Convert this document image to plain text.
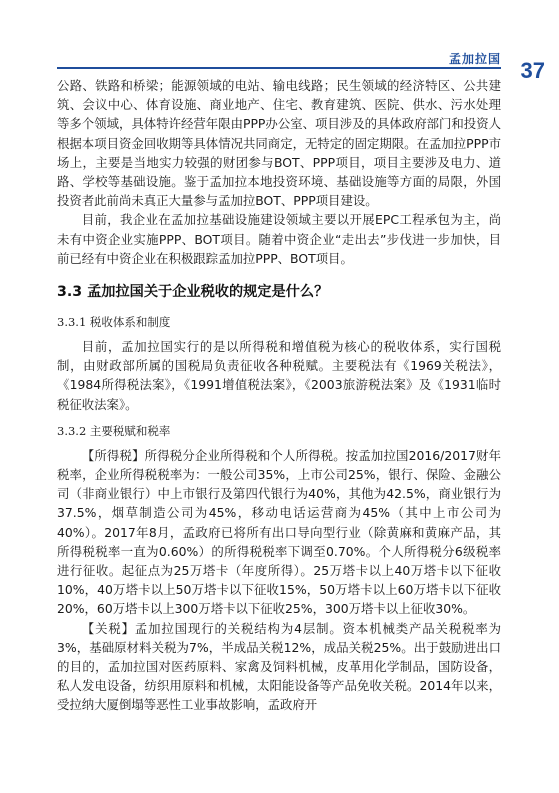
孟加拉国 37

公路、铁路和桥梁；能源领域的电站、输电线路；民生领域的经济特区、公共建筑、会议中心、体育设施、商业地产、住宅、教育建筑、医院、供水、污水处理等多个领域，具体特许经营年限由PPP办公室、项目涉及的具体政府部门和投资人根据本项目资金回收期等具体情况共同商定，无特定的固定期限。在孟加拉PPP市场上，主要是当地实力较强的财团参与BOT、PPP项目，项目主要涉及电力、道路、学校等基础设施。鉴于孟加拉本地投资环境、基础设施等方面的局限，外国投资者此前尚未真正大量参与孟加拉BOT、PPP项目建设。

目前，我企业在孟加拉基础设施建设领域主要以开展EPC工程承包为主，尚未有中资企业实施PPP、BOT项目。随着中资企业“走出去”步伐进一步加快，目前已经有中资企业在积极跟踪孟加拉PPP、BOT项目。

3.3 孟加拉国关于企业税收的规定是什么？
3.3.1 税收体系和制度

目前，孟加拉国实行的是以所得税和增值税为核心的税收体系，实行国税制，由财政部所属的国税局负责征收各种税赋。主要税法有《1969关税法》，《1984所得税法案》，《1991增值税法案》，《2003旅游税法案》及《1931临时税征收法案》。

3.3.2 主要税赋和税率

【所得税】所得税分企业所得税和个人所得税。按孟加拉国2016/2017财年税率，企业所得税税率为：一般公司35%，上市公司25%，银行、保险、金融公司（非商业银行）中上市银行及第四代银行为40%，其他为42.5%，商业银行为37.5%，烟草制造公司为45%，移动电话运营商为45%（其中上市公司为40%）。2017年8月，孟政府已将所有出口导向型行业（除黄麻和黄麻产品，其所得税税率一直为0.60%）的所得税税率下调至0.70%。个人所得税分6级税率进行征收。起征点为25万塔卡（年度所得）。25万塔卡以上40万塔卡以下征收10%，40万塔卡以上50万塔卡以下征收15%，50万塔卡以上60万塔卡以下征收20%，60万塔卡以上300万塔卡以下征收25%，300万塔卡以上征收30%。

【关税】孟加拉国现行的关税结构为4层制。资本机械类产品关税税率为3%，基础原材料关税为7%，半成品关税12%，成品关税25%。出于鼓励进出口的目的，孟加拉国对医药原料、家禽及饲料机械，皮革用化学制品，国防设备，私人发电设备，纺织用原料和机械，太阳能设备等产品免收关税。2014年以来，受拉纳大厦倒塌等恶性工业事故影响，孟政府开
